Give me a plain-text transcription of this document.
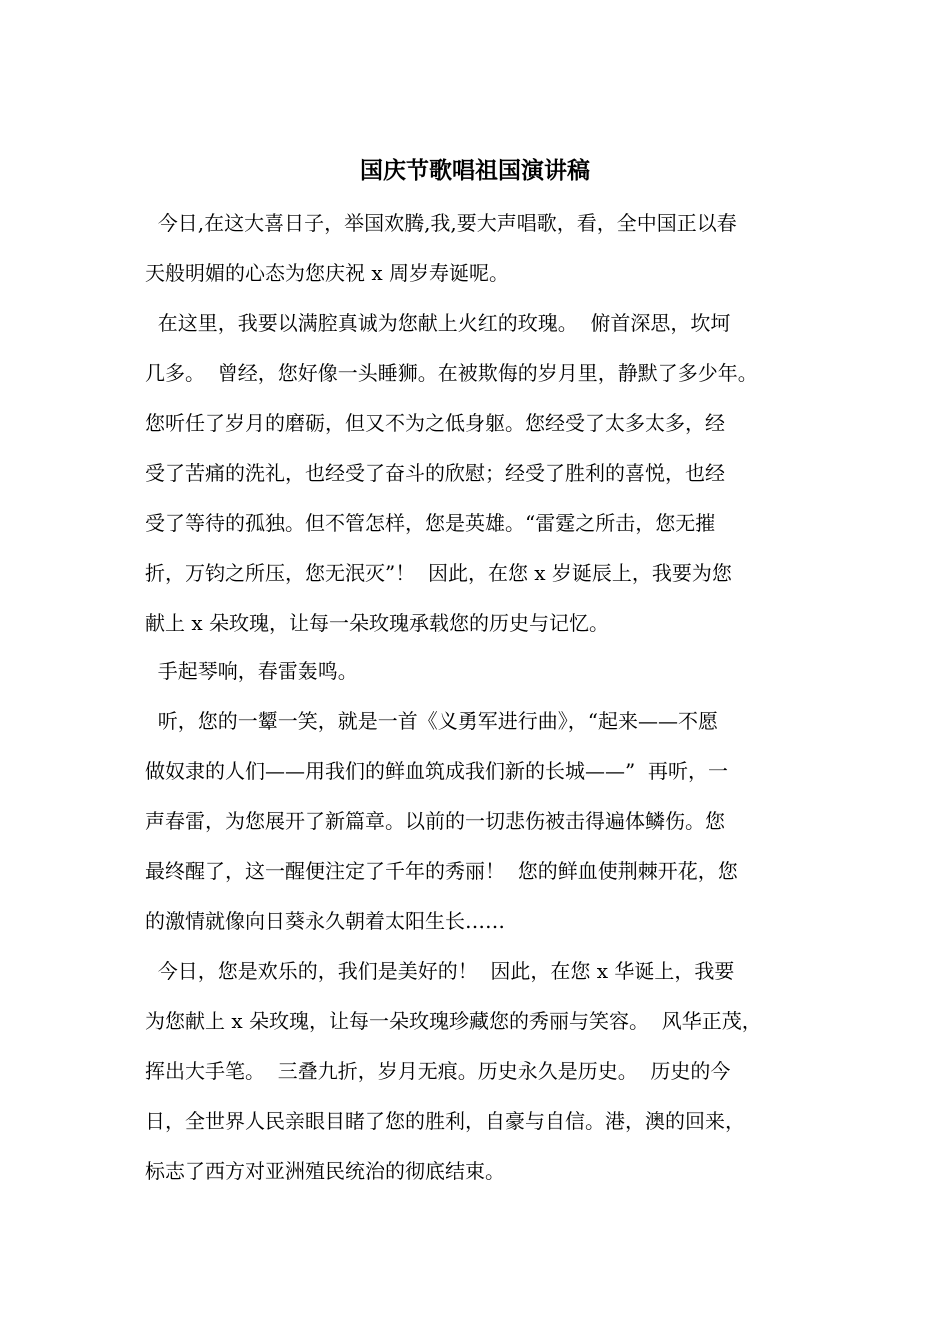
国庆节歌唱祖国演讲稿
今日,在这大喜日子，举国欢腾,我,要大声唱歌，看，全中国正以春
天般明媚的心态为您庆祝 x 周岁寿诞呢。
在这里，我要以满腔真诚为您献上火红的玫瑰。  俯首深思，坎坷
几多。  曾经，您好像一头睡狮。在被欺侮的岁月里，静默了多少年。
您听任了岁月的磨砺，但又不为之低身躯。您经受了太多太多，经
受了苦痛的洗礼，也经受了奋斗的欣慰；经受了胜利的喜悦，也经
受了等待的孤独。但不管怎样，您是英雄。“雷霆之所击，您无摧
折，万钧之所压，您无泯灭”！  因此，在您 x 岁诞辰上，我要为您
献上 x 朵玫瑰，让每一朵玫瑰承载您的历史与记忆。
手起琴响，春雷轰鸣。
听，您的一颦一笑，就是一首《义勇军进行曲》，“起来——不愿
做奴隶的人们——用我们的鲜血筑成我们新的长城——”  再听，一
声春雷，为您展开了新篇章。以前的一切悲伤被击得遍体鳞伤。您
最终醒了，这一醒便注定了千年的秀丽！  您的鲜血使荆棘开花，您
的激情就像向日葵永久朝着太阳生长……
今日，您是欢乐的，我们是美好的！  因此，在您 x 华诞上，我要
为您献上 x 朵玫瑰，让每一朵玫瑰珍藏您的秀丽与笑容。  风华正茂，
挥出大手笔。  三叠九折，岁月无痕。历史永久是历史。  历史的今
日，全世界人民亲眼目睹了您的胜利，自豪与自信。港，澳的回来，
标志了西方对亚洲殖民统治的彻底结束。
